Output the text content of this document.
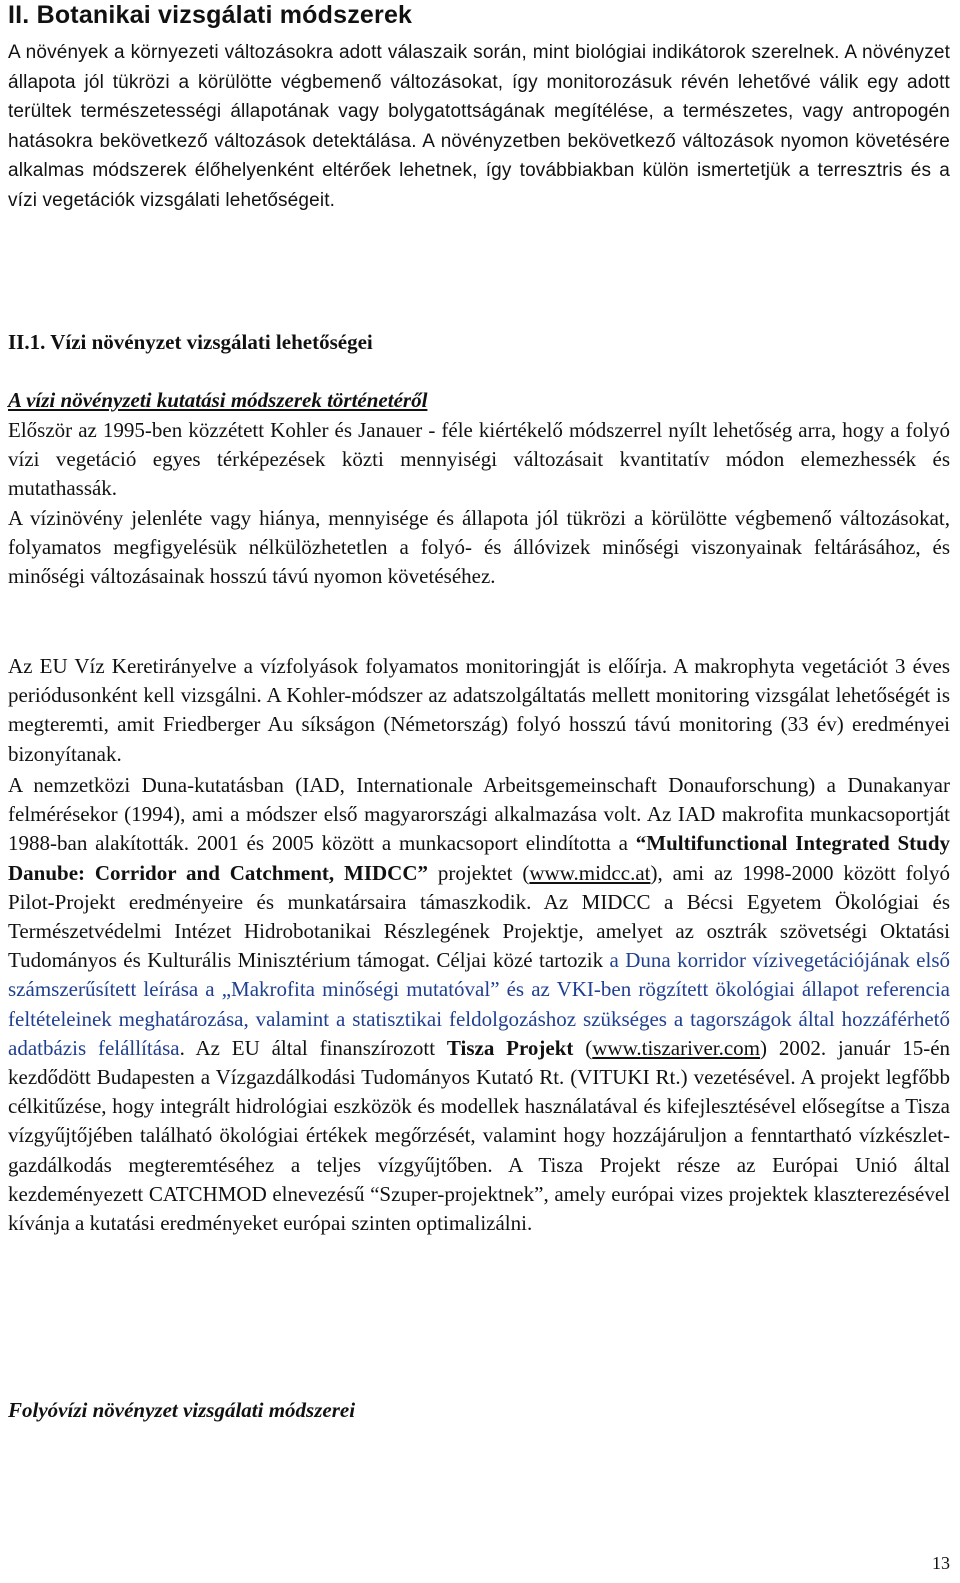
II. Botanikai vizsgálati módszerek

A növények a környezeti változásokra adott válaszaik során, mint biológiai indikátorok szerelnek. A növényzet állapota jól tükrözi a körülötte végbemenő változásokat, így monitorozásuk révén lehetővé válik egy adott terültek természetességi állapotának vagy bolygatottságának megítélése, a természetes, vagy antropogén hatásokra bekövetkező változások detektálása. A növényzetben bekövetkező változások nyomon követésére alkalmas módszerek élőhelyenként eltérőek lehetnek, így továbbiakban külön ismertetjük a terresztris és a vízi vegetációk vizsgálati lehetőségeit.

II.1. Vízi növényzet vizsgálati lehetőségei
A vízi növényzeti kutatási módszerek történetéről

Először az 1995-ben közzétett Kohler és Janauer - féle kiértékelő módszerrel nyílt lehetőség arra, hogy a folyó vízi vegetáció egyes térképezések közti mennyiségi változásait kvantitatív módon elemezhessék és mutathassák.

A vízinövény jelenléte vagy hiánya, mennyisége és állapota jól tükrözi a körülötte végbemenő változásokat, folyamatos megfigyelésük nélkülözhetetlen a folyó- és állóvizek minőségi viszonyainak feltárásához, és minőségi változásainak hosszú távú nyomon követéséhez.

Az EU Víz Keretirányelve a vízfolyások folyamatos monitoringját is előírja. A makrophyta vegetációt 3 éves periódusonként kell vizsgálni. A Kohler-módszer az adatszolgáltatás mellett monitoring vizsgálat lehetőségét is megteremti, amit Friedberger Au síkságon (Németország) folyó hosszú távú monitoring (33 év) eredményei bizonyítanak.

A nemzetközi Duna-kutatásban (IAD, Internationale Arbeitsgemeinschaft Donauforschung) a Dunakanyar felmérésekor (1994), ami a módszer első magyarországi alkalmazása volt. Az IAD makrofita munkacsoportját 1988-ban alakították. 2001 és 2005 között a munkacsoport elindította a “Multifunctional Integrated Study Danube: Corridor and Catchment, MIDCC” projektet (www.midcc.at), ami az 1998-2000 között folyó Pilot-Projekt eredményeire és munkatársaira támaszkodik. Az MIDCC a Bécsi Egyetem Ökológiai és Természetvédelmi Intézet Hidrobotanikai Részlegének Projektje, amelyet az osztrák szövetségi Oktatási Tudományos és Kulturális Minisztérium támogat. Céljai közé tartozik a Duna korridor vízivegetációjának első számszerűsített leírása a „Makrofita minőségi mutatóval” és az VKI-ben rögzített ökológiai állapot referencia feltételeinek meghatározása, valamint a statisztikai feldolgozáshoz szükséges a tagországok által hozzáférhető adatbázis felállítása. Az EU által finanszírozott Tisza Projekt (www.tiszariver.com) 2002. január 15-én kezdődött Budapesten a Vízgazdálkodási Tudományos Kutató Rt. (VITUKI Rt.) vezetésével. A projekt legfőbb célkitűzése, hogy integrált hidrológiai eszközök és modellek használatával és kifejlesztésével elősegítse a Tisza vízgyűjtőjében található ökológiai értékek megőrzését, valamint hogy hozzájáruljon a fenntartható vízkészlet-gazdálkodás megteremtéséhez a teljes vízgyűjtőben. A Tisza Projekt része az Európai Unió által kezdeményezett CATCHMOD elnevezésű “Szuper-projektnek”, amely európai vizes projektek klaszterezésével kívánja a kutatási eredményeket európai szinten optimalizálni.

Folyóvízi növényzet vizsgálati módszerei
13
